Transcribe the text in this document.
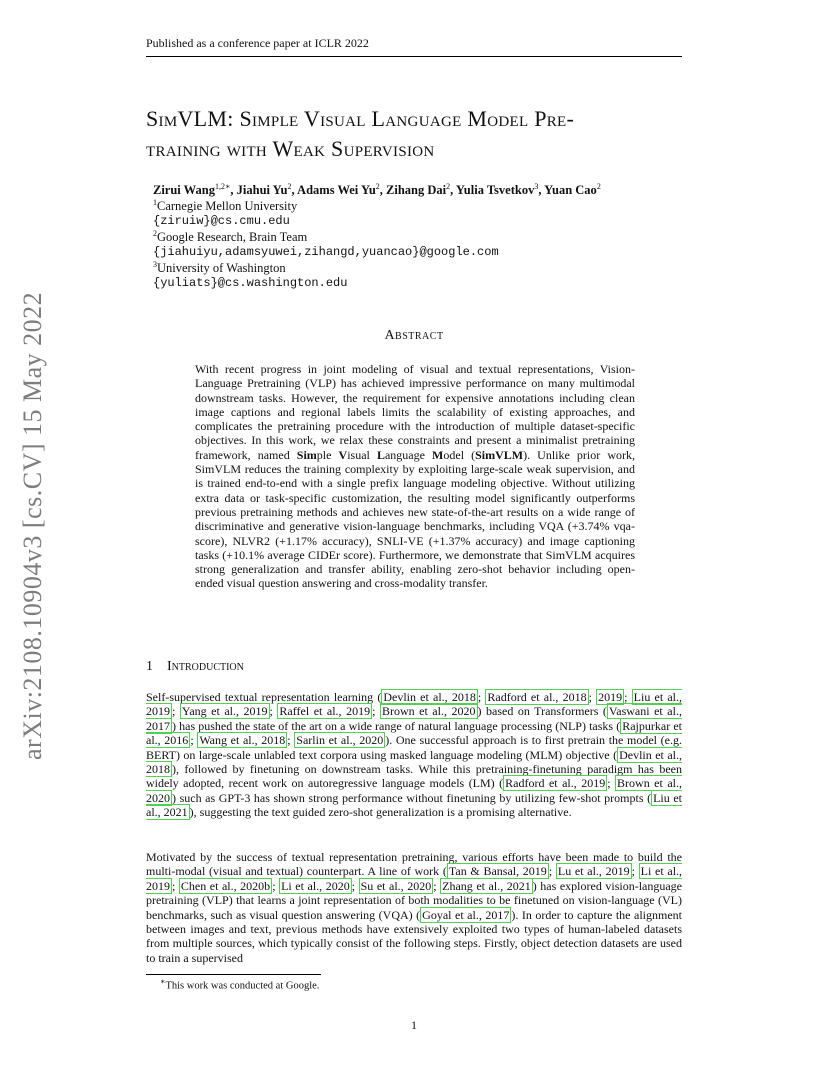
Published as a conference paper at ICLR 2022
arXiv:2108.10904v3 [cs.CV] 15 May 2022
SimVLM: Simple Visual Language Model Pre-
training with Weak Supervision
Zirui Wang$^{1,2∗}$, Jiahui Yu$^2$, Adams Wei Yu$^2$, Zihang Dai$^2$, Yulia Tsvetkov$^3$, Yuan Cao$^2$
$^1$Carnegie Mellon University
{ziruiw}@cs.cmu.edu
$^2$Google Research, Brain Team
{jiahuiyu,adamsyuwei,zihangd,yuancao}@google.com
$^3$University of Washington
{yuliats}@cs.washington.edu
Abstract
With recent progress in joint modeling of visual and textual representations, Vision-Language Pretraining (VLP) has achieved impressive performance on many multimodal downstream tasks. However, the requirement for expensive annotations including clean image captions and regional labels limits the scalability of existing approaches, and complicates the pretraining procedure with the introduction of multiple dataset-specific objectives. In this work, we relax these constraints and present a minimalist pretraining framework, named Simple Visual Language Model (SimVLM). Unlike prior work, SimVLM reduces the training complexity by exploiting large-scale weak supervision, and is trained end-to-end with a single prefix language modeling objective. Without utilizing extra data or task-specific customization, the resulting model significantly outperforms previous pretraining methods and achieves new state-of-the-art results on a wide range of discriminative and generative vision-language benchmarks, including VQA (+3.74% vqa-score), NLVR2 (+1.17% accuracy), SNLI-VE (+1.37% accuracy) and image captioning tasks (+10.1% average CIDEr score). Furthermore, we demonstrate that SimVLM acquires strong generalization and transfer ability, enabling zero-shot behavior including open-ended visual question answering and cross-modality transfer.
1 Introduction
Self-supervised textual representation learning ( Devlin et al., 2018 ; Radford et al., 2018 ; 2019 ; Liu et al., 2019 ; Yang et al., 2019 ; Raffel et al., 2019 ; Brown et al., 2020 ) based on Transformers ( Vaswani et al., 2017 ) has pushed the state of the art on a wide range of natural language processing (NLP) tasks ( Rajpurkar et al., 2016 ; Wang et al., 2018 ; Sarlin et al., 2020 ). One successful approach is to first pretrain the model (e.g. BERT) on large-scale unlabled text corpora using masked language modeling (MLM) objective ( Devlin et al., 2018 ), followed by finetuning on downstream tasks. While this pretraining-finetuning paradigm has been widely adopted, recent work on autoregressive language models (LM) ( Radford et al., 2019 ; Brown et al., 2020 ) such as GPT-3 has shown strong performance without finetuning by utilizing few-shot prompts ( Liu et al., 2021 ), suggesting the text guided zero-shot generalization is a promising alternative.
Motivated by the success of textual representation pretraining, various efforts have been made to build the multi-modal (visual and textual) counterpart. A line of work ( Tan & Bansal, 2019 ; Lu et al., 2019 ; Li et al., 2019 ; Chen et al., 2020b ; Li et al., 2020 ; Su et al., 2020 ; Zhang et al., 2021 ) has explored vision-language pretraining (VLP) that learns a joint representation of both modalities to be finetuned on vision-language (VL) benchmarks, such as visual question answering (VQA) ( Goyal et al., 2017 ). In order to capture the alignment between images and text, previous methods have extensively exploited two types of human-labeled datasets from multiple sources, which typically consist of the following steps. Firstly, object detection datasets are used to train a supervised
∗This work was conducted at Google.
1
